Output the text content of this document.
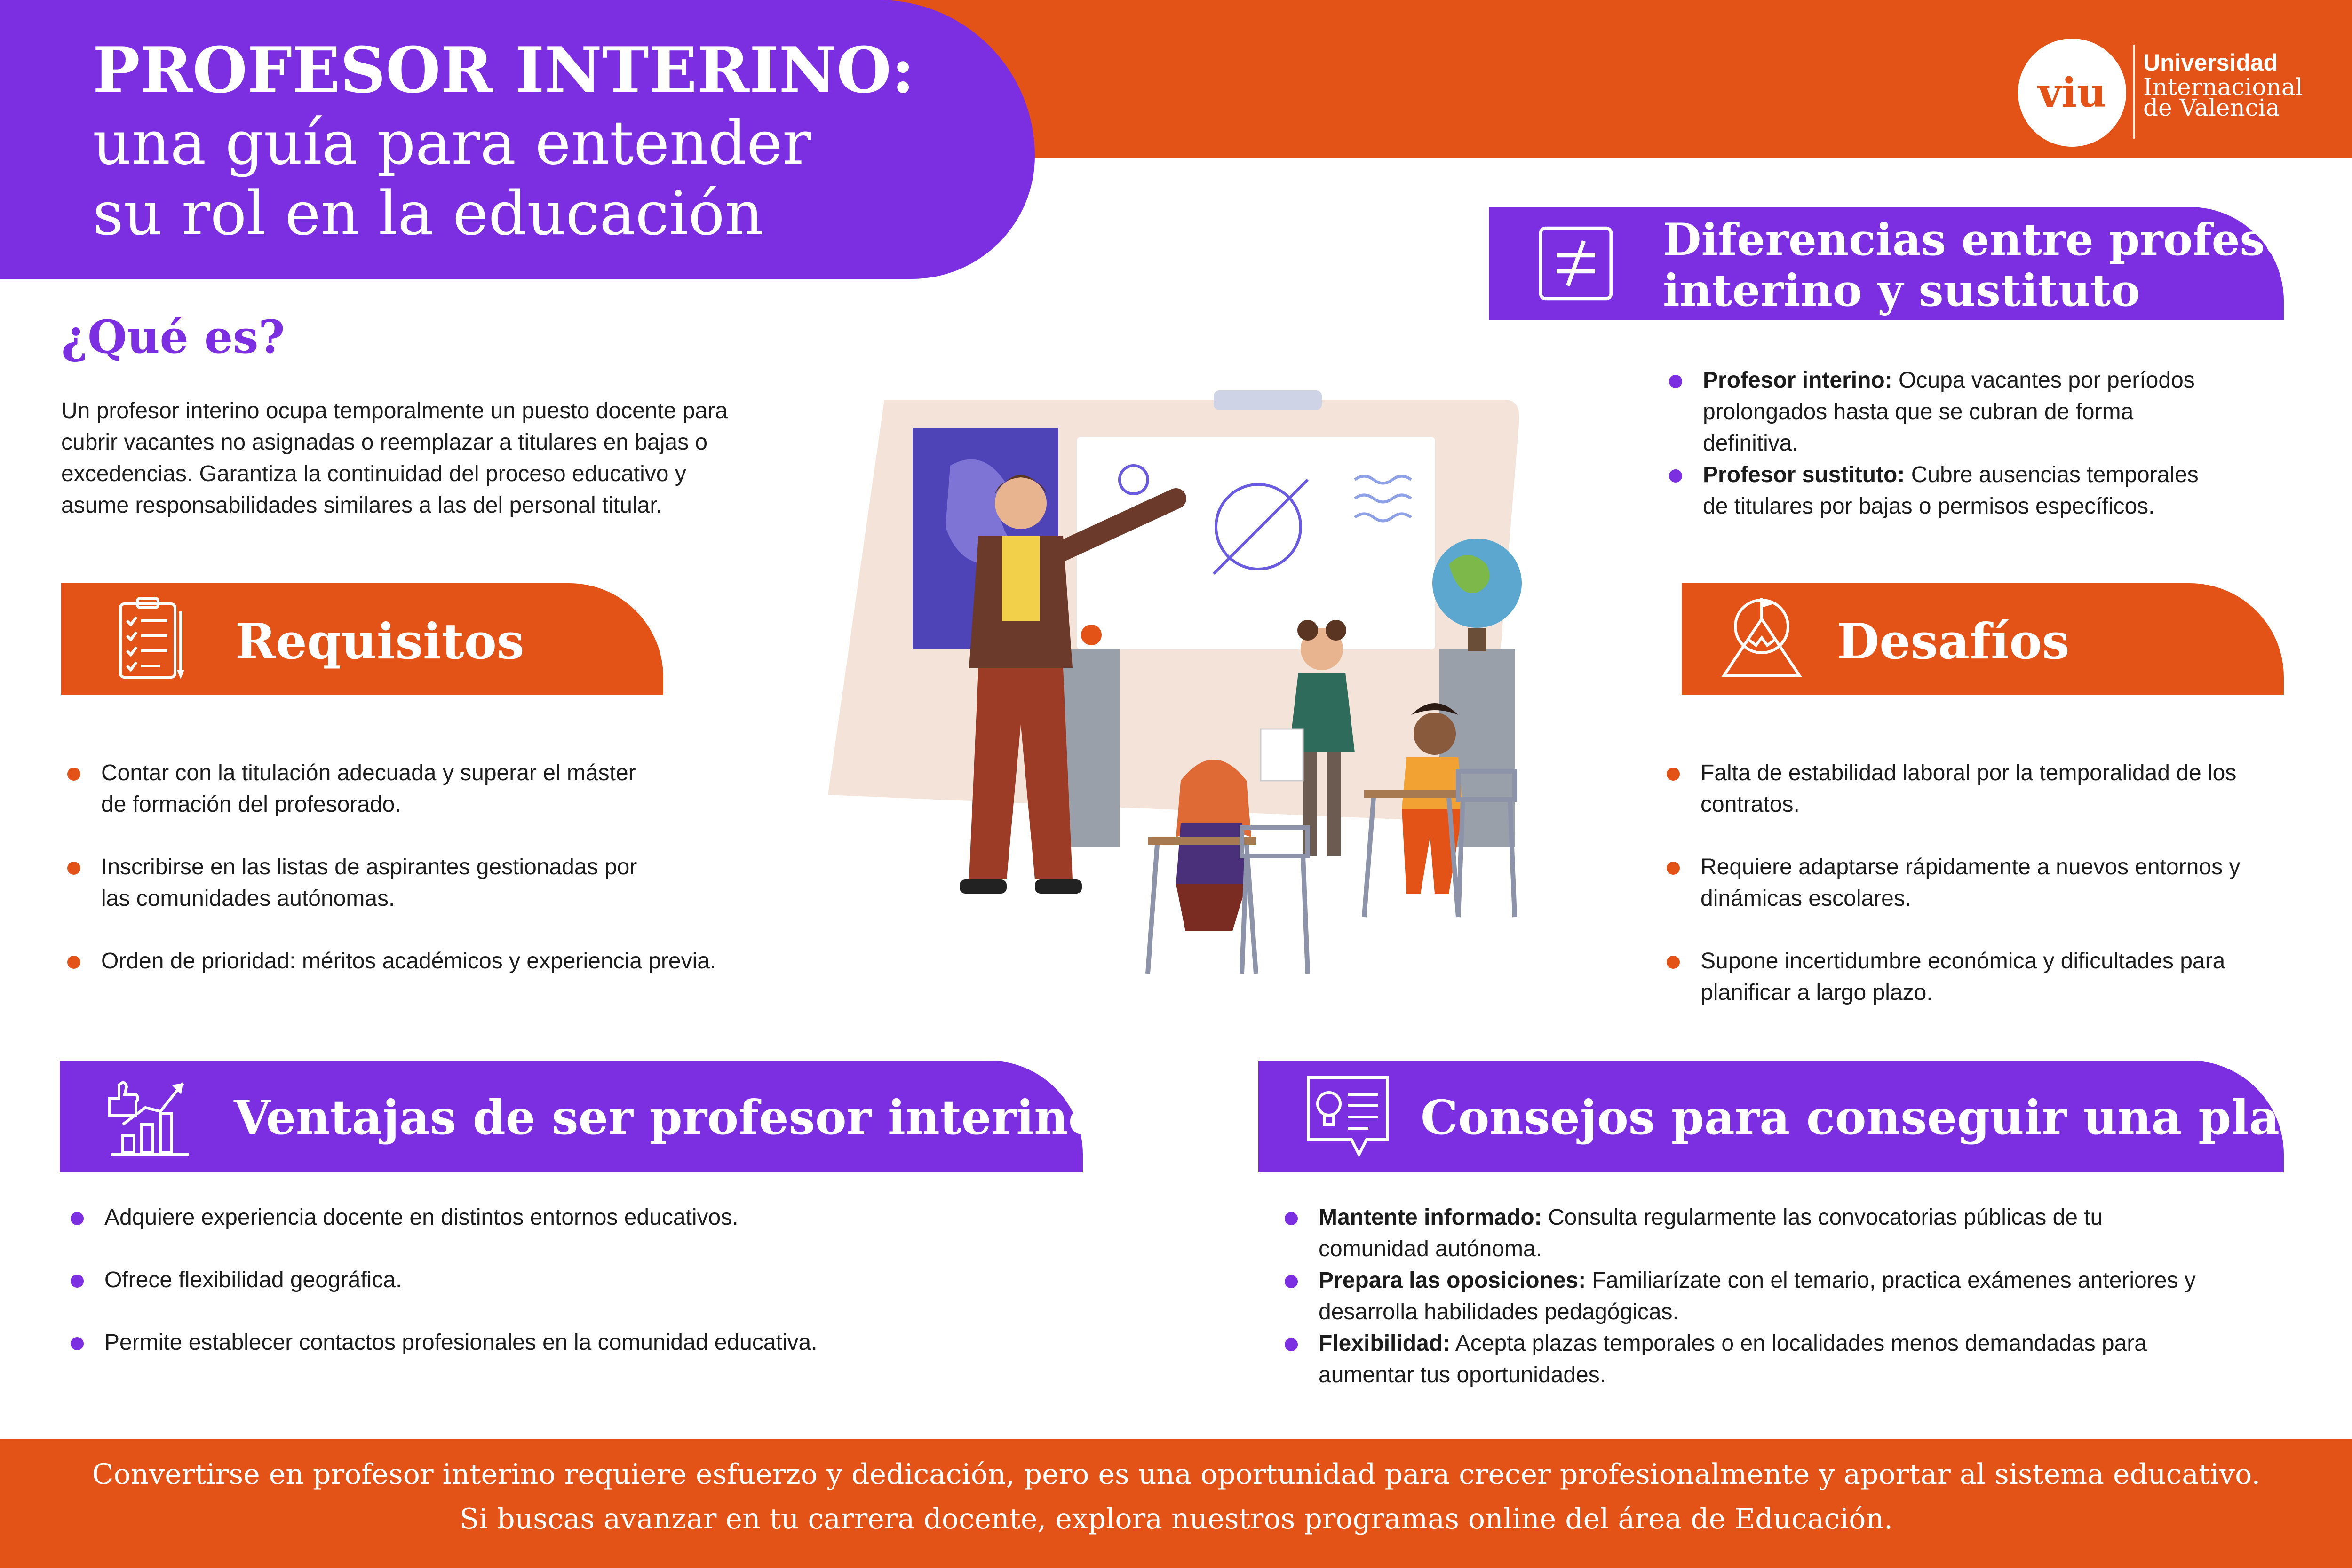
PROFESOR INTERINO:
una guía para entender
su rol en la educación
viu
Universidad
Internacional
de Valencia
¿Qué es?
Un profesor interino ocupa temporalmente un puesto docente para
cubrir vacantes no asignadas o reemplazar a titulares en bajas o
excedencias. Garantiza la continuidad del proceso educativo y
asume responsabilidades similares a las del personal titular.
Requisitos
Contar con la titulación adecuada y superar el máster
de formación del profesorado.
Inscribirse en las listas de aspirantes gestionadas por
las comunidades autónomas.
Orden de prioridad: méritos académicos y experiencia previa.
Diferencias entre profesor
interino y sustituto
Profesor interino: Ocupa vacantes por períodos
prolongados hasta que se cubran de forma
definitiva.
Profesor sustituto: Cubre ausencias temporales
de titulares por bajas o permisos específicos.
Desafíos
Falta de estabilidad laboral por la temporalidad de los
contratos.
Requiere adaptarse rápidamente a nuevos entornos y
dinámicas escolares.
Supone incertidumbre económica y dificultades para
planificar a largo plazo.
Ventajas de ser profesor interino
Adquiere experiencia docente en distintos entornos educativos.
Ofrece flexibilidad geográfica.
Permite establecer contactos profesionales en la comunidad educativa.
Consejos para conseguir una plaza
Mantente informado: Consulta regularmente las convocatorias públicas de tu
comunidad autónoma.
Prepara las oposiciones: Familiarízate con el temario, practica exámenes anteriores y
desarrolla habilidades pedagógicas.
Flexibilidad: Acepta plazas temporales o en localidades menos demandadas para
aumentar tus oportunidades.
Convertirse en profesor interino requiere esfuerzo y dedicación, pero es una oportunidad para crecer profesionalmente y aportar al sistema educativo.
Si buscas avanzar en tu carrera docente, explora nuestros programas online del área de Educación.
